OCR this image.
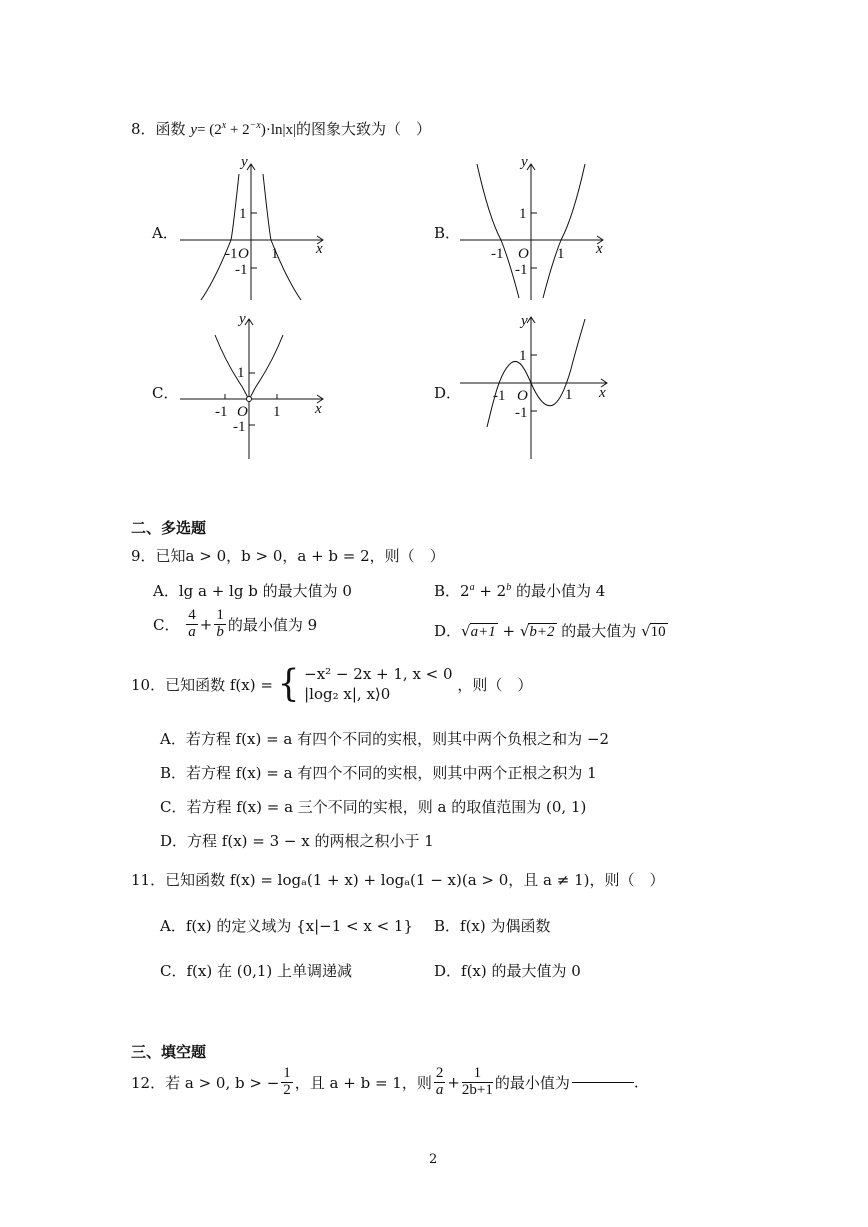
8．函数 $y= (2^x + 2^{-x})\cdot\ln|x|$的图象大致为（　）
A．	B．
C．	D．
y
1
-1 O 1
-1
x
y
1
-1 O 1
-1
x
y
1
-1 O 1
-1
x
y
1
-1 O 1
-1
x
二、多选题
9．已知a > 0，b > 0，a + b = 2，则（　）
A．lg a + lg b 的最大值为 0	B．$2^a + 2^b$ 的最小值为 4
C． $\frac{4}{a} + \frac{1}{b}$ 的最小值为 9	D．√a+1 + √b+2 的最大值为 √10
10．已知函数 f(x) = { −x² − 2x + 1, x < 0
|log₂ x|, x⟩0
，则（　）
A．若方程 f(x) = a 有四个不同的实根，则其中两个负根之和为 −2
B．若方程 f(x) = a 有四个不同的实根，则其中两个正根之积为 1
C．若方程 f(x) = a 三个不同的实根，则 a 的取值范围为 (0, 1)
D．方程 f(x) = 3 − x 的两根之积小于 1
11．已知函数 f(x) = logₐ(1 + x) + logₐ(1 − x)(a > 0，且 a ≠ 1)，则（　）
A．f(x) 的定义域为 {x|−1 < x < 1} B．f(x) 为偶函数
C．f(x) 在 (0,1) 上单调递减	D．f(x) 的最大值为 0
三、填空题
12．若 a > 0, b > − $\frac{1}{2}$ ，且 a + b = 1，则 $\frac{2}{a} + \frac{1}{2b+1}$ 的最小值为	.
2
